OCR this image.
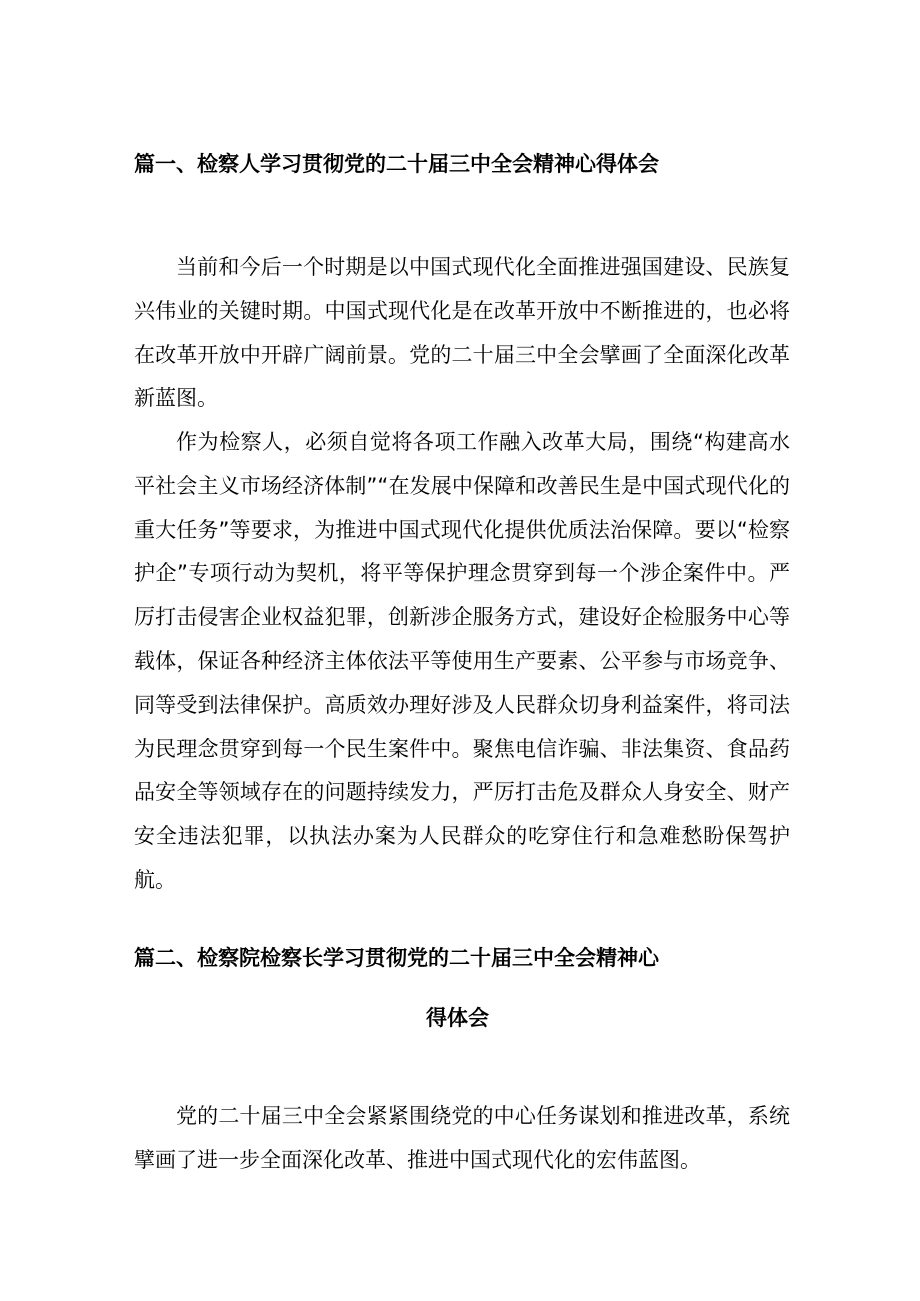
篇一、检察人学习贯彻党的二十届三中全会精神心得体会

当前和今后一个时期是以中国式现代化全面推进强国建设、民族复兴伟业的关键时期。中国式现代化是在改革开放中不断推进的，也必将在改革开放中开辟广阔前景。党的二十届三中全会擘画了全面深化改革新蓝图。

作为检察人，必须自觉将各项工作融入改革大局，围绕“构建高水平社会主义市场经济体制”“在发展中保障和改善民生是中国式现代化的重大任务”等要求，为推进中国式现代化提供优质法治保障。要以“检察护企”专项行动为契机，将平等保护理念贯穿到每一个涉企案件中。严厉打击侵害企业权益犯罪，创新涉企服务方式，建设好企检服务中心等载体，保证各种经济主体依法平等使用生产要素、公平参与市场竞争、同等受到法律保护。高质效办理好涉及人民群众切身利益案件，将司法为民理念贯穿到每一个民生案件中。聚焦电信诈骗、非法集资、食品药品安全等领域存在的问题持续发力，严厉打击危及群众人身安全、财产安全违法犯罪，以执法办案为人民群众的吃穿住行和急难愁盼保驾护航。

篇二、检察院检察长学习贯彻党的二十届三中全会精神心
得体会

党的二十届三中全会紧紧围绕党的中心任务谋划和推进改革，系统擘画了进一步全面深化改革、推进中国式现代化的宏伟蓝图。
